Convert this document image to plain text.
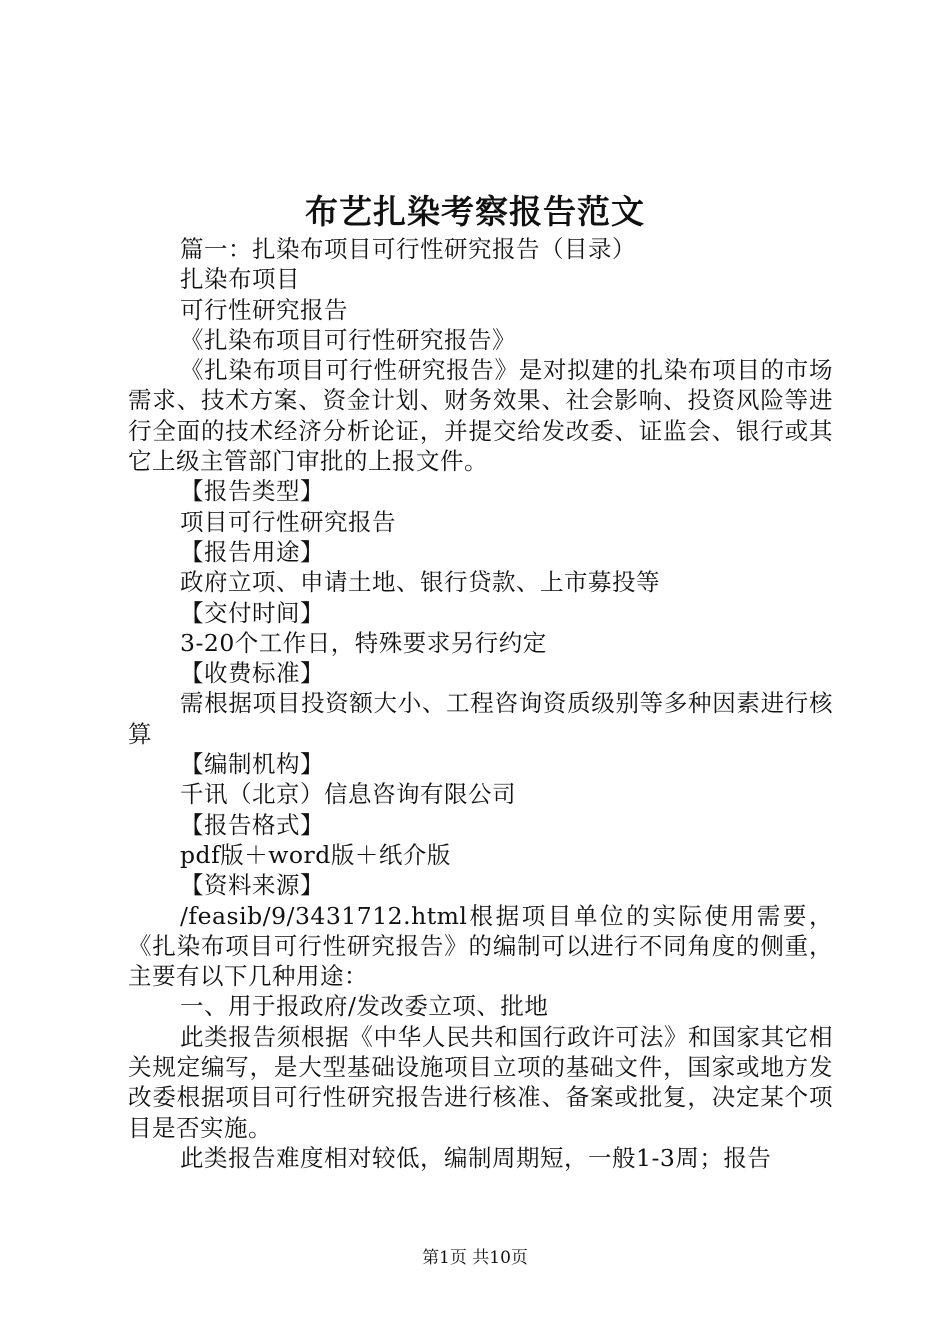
布艺扎染考察报告范文

篇一：扎染布项目可行性研究报告（目录）

扎染布项目

可行性研究报告

《扎染布项目可行性研究报告》

《扎染布项目可行性研究报告》是对拟建的扎染布项目的市场需求、技术方案、资金计划、财务效果、社会影响、投资风险等进行全面的技术经济分析论证，并提交给发改委、证监会、银行或其它上级主管部门审批的上报文件。

【报告类型】

项目可行性研究报告

【报告用途】

政府立项、申请土地、银行贷款、上市募投等

【交付时间】

3-20个工作日，特殊要求另行约定

【收费标准】

需根据项目投资额大小、工程咨询资质级别等多种因素进行核算

【编制机构】

千讯（北京）信息咨询有限公司

【报告格式】

pdf版＋word版＋纸介版

【资料来源】

/feasib/9/3431712.html根据项目单位的实际使用需要，《扎染布项目可行性研究报告》的编制可以进行不同角度的侧重，主要有以下几种用途：

一、用于报政府/发改委立项、批地

此类报告须根据《中华人民共和国行政许可法》和国家其它相关规定编写，是大型基础设施项目立项的基础文件，国家或地方发改委根据项目可行性研究报告进行核准、备案或批复，决定某个项目是否实施。

此类报告难度相对较低，编制周期短，一般1-3周；报告

第1页 共10页
